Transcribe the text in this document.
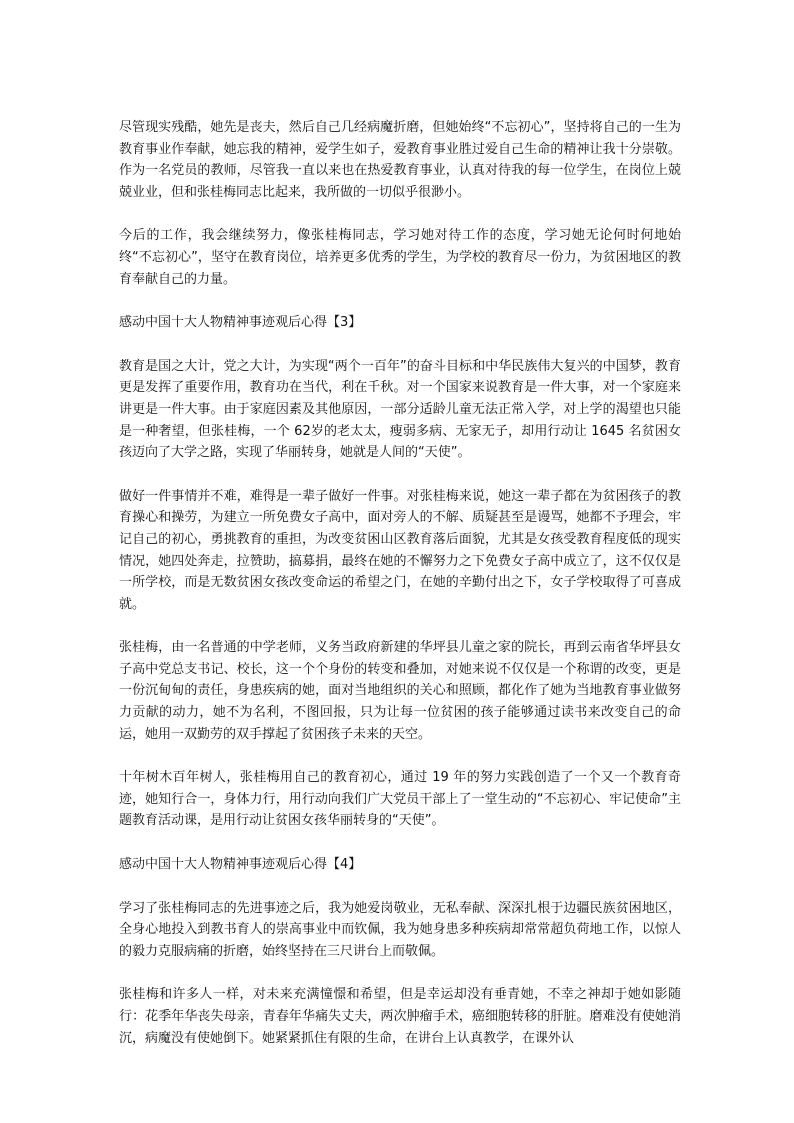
尽管现实残酷，她先是丧夫，然后自己几经病魔折磨，但她始终“不忘初心”，坚持将自己的一生为教育事业作奉献，她忘我的精神，爱学生如子，爱教育事业胜过爱自己生命的精神让我十分崇敬。作为一名党员的教师，尽管我一直以来也在热爱教育事业，认真对待我的每一位学生，在岗位上兢兢业业，但和张桂梅同志比起来，我所做的一切似乎很渺小。

今后的工作，我会继续努力，像张桂梅同志，学习她对待工作的态度，学习她无论何时何地始终“不忘初心”，坚守在教育岗位，培养更多优秀的学生，为学校的教育尽一份力，为贫困地区的教育奉献自己的力量。

感动中国十大人物精神事迹观后心得【3】

教育是国之大计，党之大计，为实现“两个一百年”的奋斗目标和中华民族伟大复兴的中国梦，教育更是发挥了重要作用，教育功在当代，利在千秋。对一个国家来说教育是一件大事，对一个家庭来讲更是一件大事。由于家庭因素及其他原因，一部分适龄儿童无法正常入学，对上学的渴望也只能是一种奢望，但张桂梅，一个 62岁的老太太，瘦弱多病、无家无子，却用行动让 1645 名贫困女孩迈向了大学之路，实现了华丽转身，她就是人间的“天使”。

做好一件事情并不难，难得是一辈子做好一件事。对张桂梅来说，她这一辈子都在为贫困孩子的教育操心和操劳，为建立一所免费女子高中，面对旁人的不解、质疑甚至是谩骂，她都不予理会，牢记自己的初心，勇挑教育的重担，为改变贫困山区教育落后面貌，尤其是女孩受教育程度低的现实情况，她四处奔走，拉赞助，搞募捐，最终在她的不懈努力之下免费女子高中成立了，这不仅仅是一所学校，而是无数贫困女孩改变命运的希望之门，在她的辛勤付出之下，女子学校取得了可喜成就。

张桂梅，由一名普通的中学老师，义务当政府新建的华坪县儿童之家的院长，再到云南省华坪县女子高中党总支书记、校长，这一个个身份的转变和叠加，对她来说不仅仅是一个称谓的改变，更是一份沉甸甸的责任，身患疾病的她，面对当地组织的关心和照顾，都化作了她为当地教育事业做努力贡献的动力，她不为名利，不图回报，只为让每一位贫困的孩子能够通过读书来改变自己的命运，她用一双勤劳的双手撑起了贫困孩子未来的天空。

十年树木百年树人，张桂梅用自己的教育初心，通过 19 年的努力实践创造了一个又一个教育奇迹，她知行合一，身体力行，用行动向我们广大党员干部上了一堂生动的“不忘初心、牢记使命”主题教育活动课，是用行动让贫困女孩华丽转身的“天使”。

感动中国十大人物精神事迹观后心得【4】

学习了张桂梅同志的先进事迹之后，我为她爱岗敬业，无私奉献、深深扎根于边疆民族贫困地区，全身心地投入到教书育人的崇高事业中而钦佩，我为她身患多种疾病却常常超负荷地工作，以惊人的毅力克服病痛的折磨，始终坚持在三尺讲台上而敬佩。

张桂梅和许多人一样，对未来充满憧憬和希望，但是幸运却没有垂青她，不幸之神却于她如影随行：花季年华丧失母亲，青春年华痛失丈夫，两次肿瘤手术，癌细胞转移的肝脏。磨难没有使她消沉，病魔没有使她倒下。她紧紧抓住有限的生命，在讲台上认真教学，在课外认
